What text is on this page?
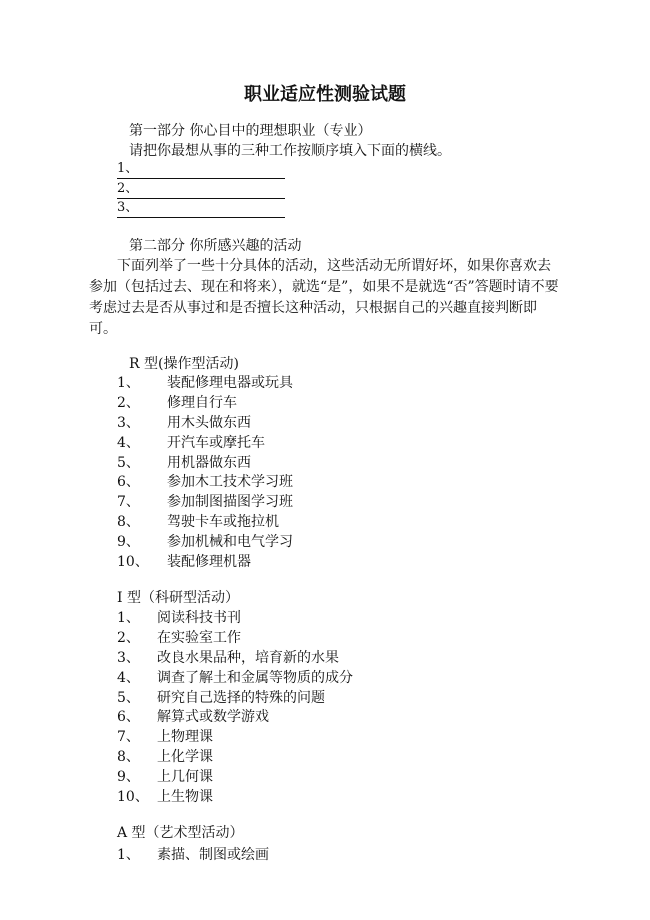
职业适应性测验试题
第一部分 你心目中的理想职业（专业）
请把你最想从事的三种工作按顺序填入下面的横线。
1、
2、
3、
第二部分 你所感兴趣的活动
下面列举了一些十分具体的活动，这些活动无所谓好坏，如果你喜欢去参加（包括过去、现在和将来），就选“是”，如果不是就选“否”答题时请不要考虑过去是否从事过和是否擅长这种活动，只根据自己的兴趣直接判断即可。
R 型(操作型活动)
1、 装配修理电器或玩具
2、 修理自行车
3、 用木头做东西
4、 开汽车或摩托车
5、 用机器做东西
6、 参加木工技术学习班
7、 参加制图描图学习班
8、 驾驶卡车或拖拉机
9、 参加机械和电气学习
10、 装配修理机器
I 型（科研型活动）
1、 阅读科技书刊
2、 在实验室工作
3、 改良水果品种，培育新的水果
4、 调查了解土和金属等物质的成分
5、 研究自己选择的特殊的问题
6、 解算式或数学游戏
7、 上物理课
8、 上化学课
9、 上几何课
10、 上生物课
A 型（艺术型活动）
1、 素描、制图或绘画
